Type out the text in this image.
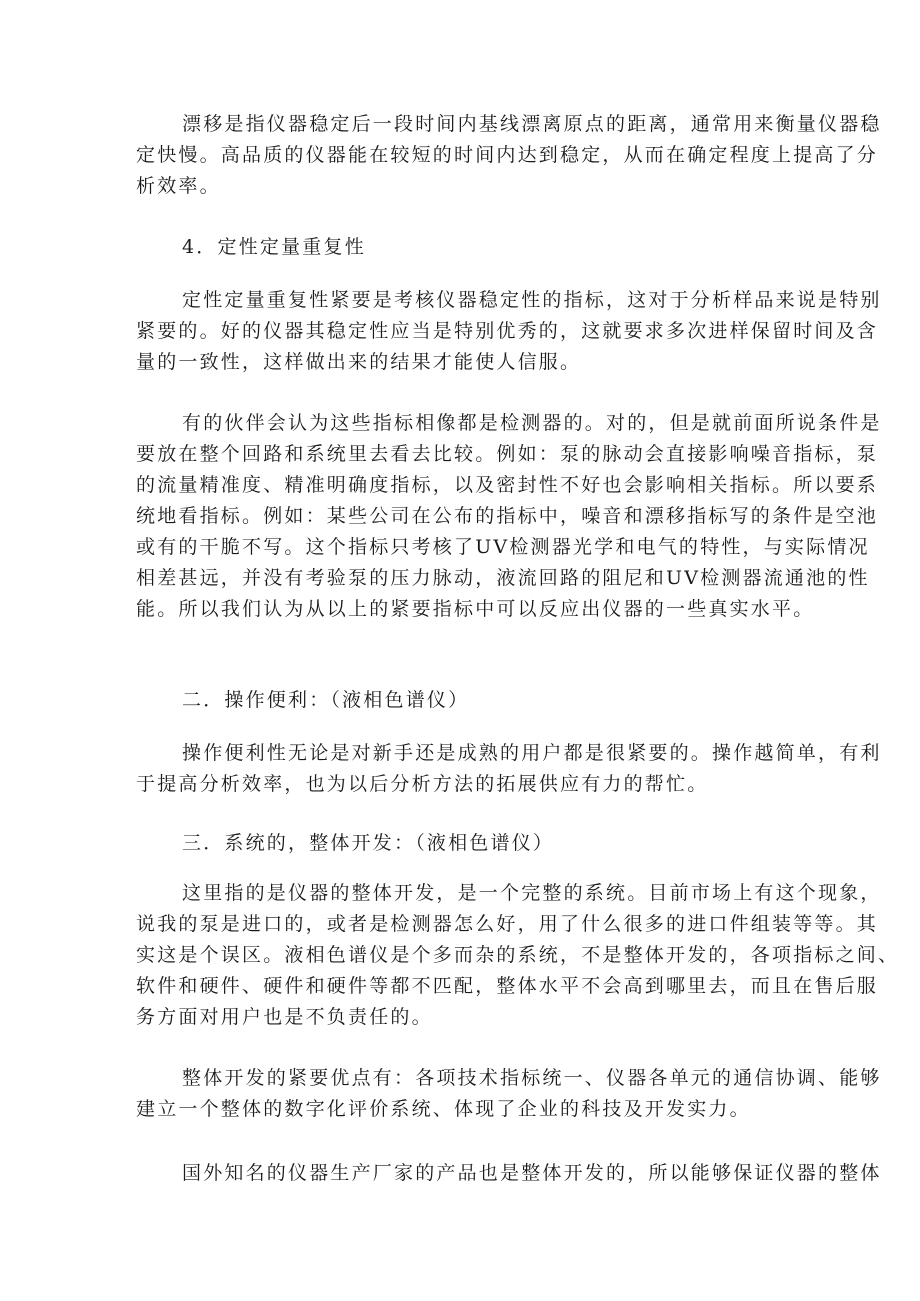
漂移是指仪器稳定后一段时间内基线漂离原点的距离，通常用来衡量仪器稳
定快慢。高品质的仪器能在较短的时间内达到稳定，从而在确定程度上提高了分
析效率。
4．定性定量重复性
定性定量重复性紧要是考核仪器稳定性的指标，这对于分析样品来说是特别
紧要的。好的仪器其稳定性应当是特别优秀的，这就要求多次进样保留时间及含
量的一致性，这样做出来的结果才能使人信服。
有的伙伴会认为这些指标相像都是检测器的。对的，但是就前面所说条件是
要放在整个回路和系统里去看去比较。例如：泵的脉动会直接影响噪音指标，泵
的流量精准度、精准明确度指标，以及密封性不好也会影响相关指标。所以要系
统地看指标。例如：某些公司在公布的指标中，噪音和漂移指标写的条件是空池
或有的干脆不写。这个指标只考核了UV检测器光学和电气的特性，与实际情况
相差甚远，并没有考验泵的压力脉动，液流回路的阻尼和UV检测器流通池的性
能。所以我们认为从以上的紧要指标中可以反应出仪器的一些真实水平。
二．操作便利：（液相色谱仪）
操作便利性无论是对新手还是成熟的用户都是很紧要的。操作越简单，有利
于提高分析效率，也为以后分析方法的拓展供应有力的帮忙。
三．系统的，整体开发：（液相色谱仪）
这里指的是仪器的整体开发，是一个完整的系统。目前市场上有这个现象，
说我的泵是进口的，或者是检测器怎么好，用了什么很多的进口件组装等等。其
实这是个误区。液相色谱仪是个多而杂的系统，不是整体开发的，各项指标之间、
软件和硬件、硬件和硬件等都不匹配，整体水平不会高到哪里去，而且在售后服
务方面对用户也是不负责任的。
整体开发的紧要优点有：各项技术指标统一、仪器各单元的通信协调、能够
建立一个整体的数字化评价系统、体现了企业的科技及开发实力。
国外知名的仪器生产厂家的产品也是整体开发的，所以能够保证仪器的整体
